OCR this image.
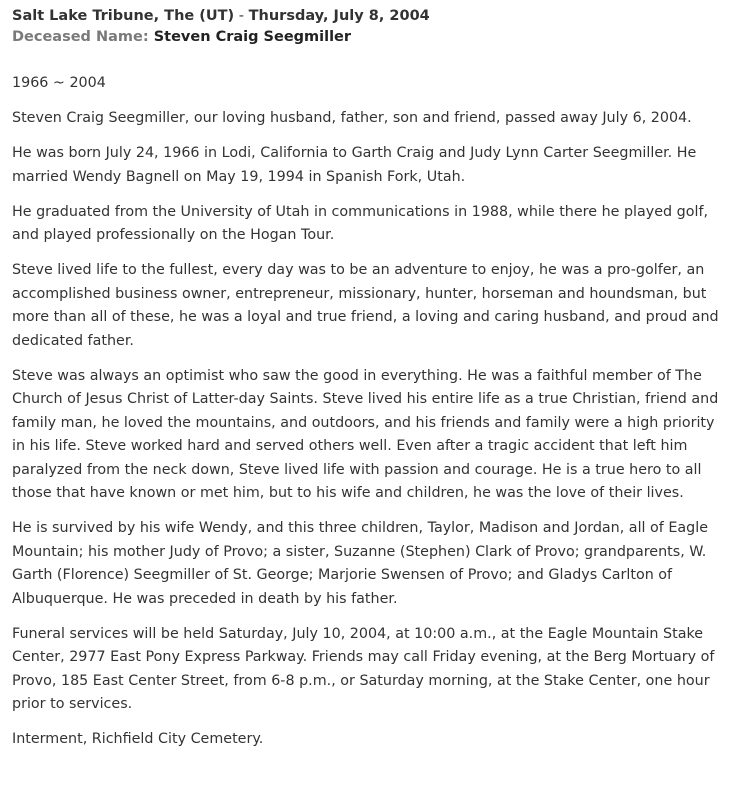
Salt Lake Tribune, The (UT) - Thursday, July 8, 2004
Deceased Name: Steven Craig Seegmiller

1966 ~ 2004

Steven Craig Seegmiller, our loving husband, father, son and friend, passed away July 6, 2004.

He was born July 24, 1966 in Lodi, California to Garth Craig and Judy Lynn Carter Seegmiller. He married Wendy Bagnell on May 19, 1994 in Spanish Fork, Utah.

He graduated from the University of Utah in communications in 1988, while there he played golf, and played professionally on the Hogan Tour.

Steve lived life to the fullest, every day was to be an adventure to enjoy, he was a pro-golfer, an accomplished business owner, entrepreneur, missionary, hunter, horseman and houndsman, but more than all of these, he was a loyal and true friend, a loving and caring husband, and proud and dedicated father.

Steve was always an optimist who saw the good in everything. He was a faithful member of The Church of Jesus Christ of Latter-day Saints. Steve lived his entire life as a true Christian, friend and family man, he loved the mountains, and outdoors, and his friends and family were a high priority in his life. Steve worked hard and served others well. Even after a tragic accident that left him paralyzed from the neck down, Steve lived life with passion and courage. He is a true hero to all those that have known or met him, but to his wife and children, he was the love of their lives.

He is survived by his wife Wendy, and this three children, Taylor, Madison and Jordan, all of Eagle Mountain; his mother Judy of Provo; a sister, Suzanne (Stephen) Clark of Provo; grandparents, W. Garth (Florence) Seegmiller of St. George; Marjorie Swensen of Provo; and Gladys Carlton of Albuquerque. He was preceded in death by his father.

Funeral services will be held Saturday, July 10, 2004, at 10:00 a.m., at the Eagle Mountain Stake Center, 2977 East Pony Express Parkway. Friends may call Friday evening, at the Berg Mortuary of Provo, 185 East Center Street, from 6-8 p.m., or Saturday morning, at the Stake Center, one hour prior to services.

Interment, Richfield City Cemetery.
